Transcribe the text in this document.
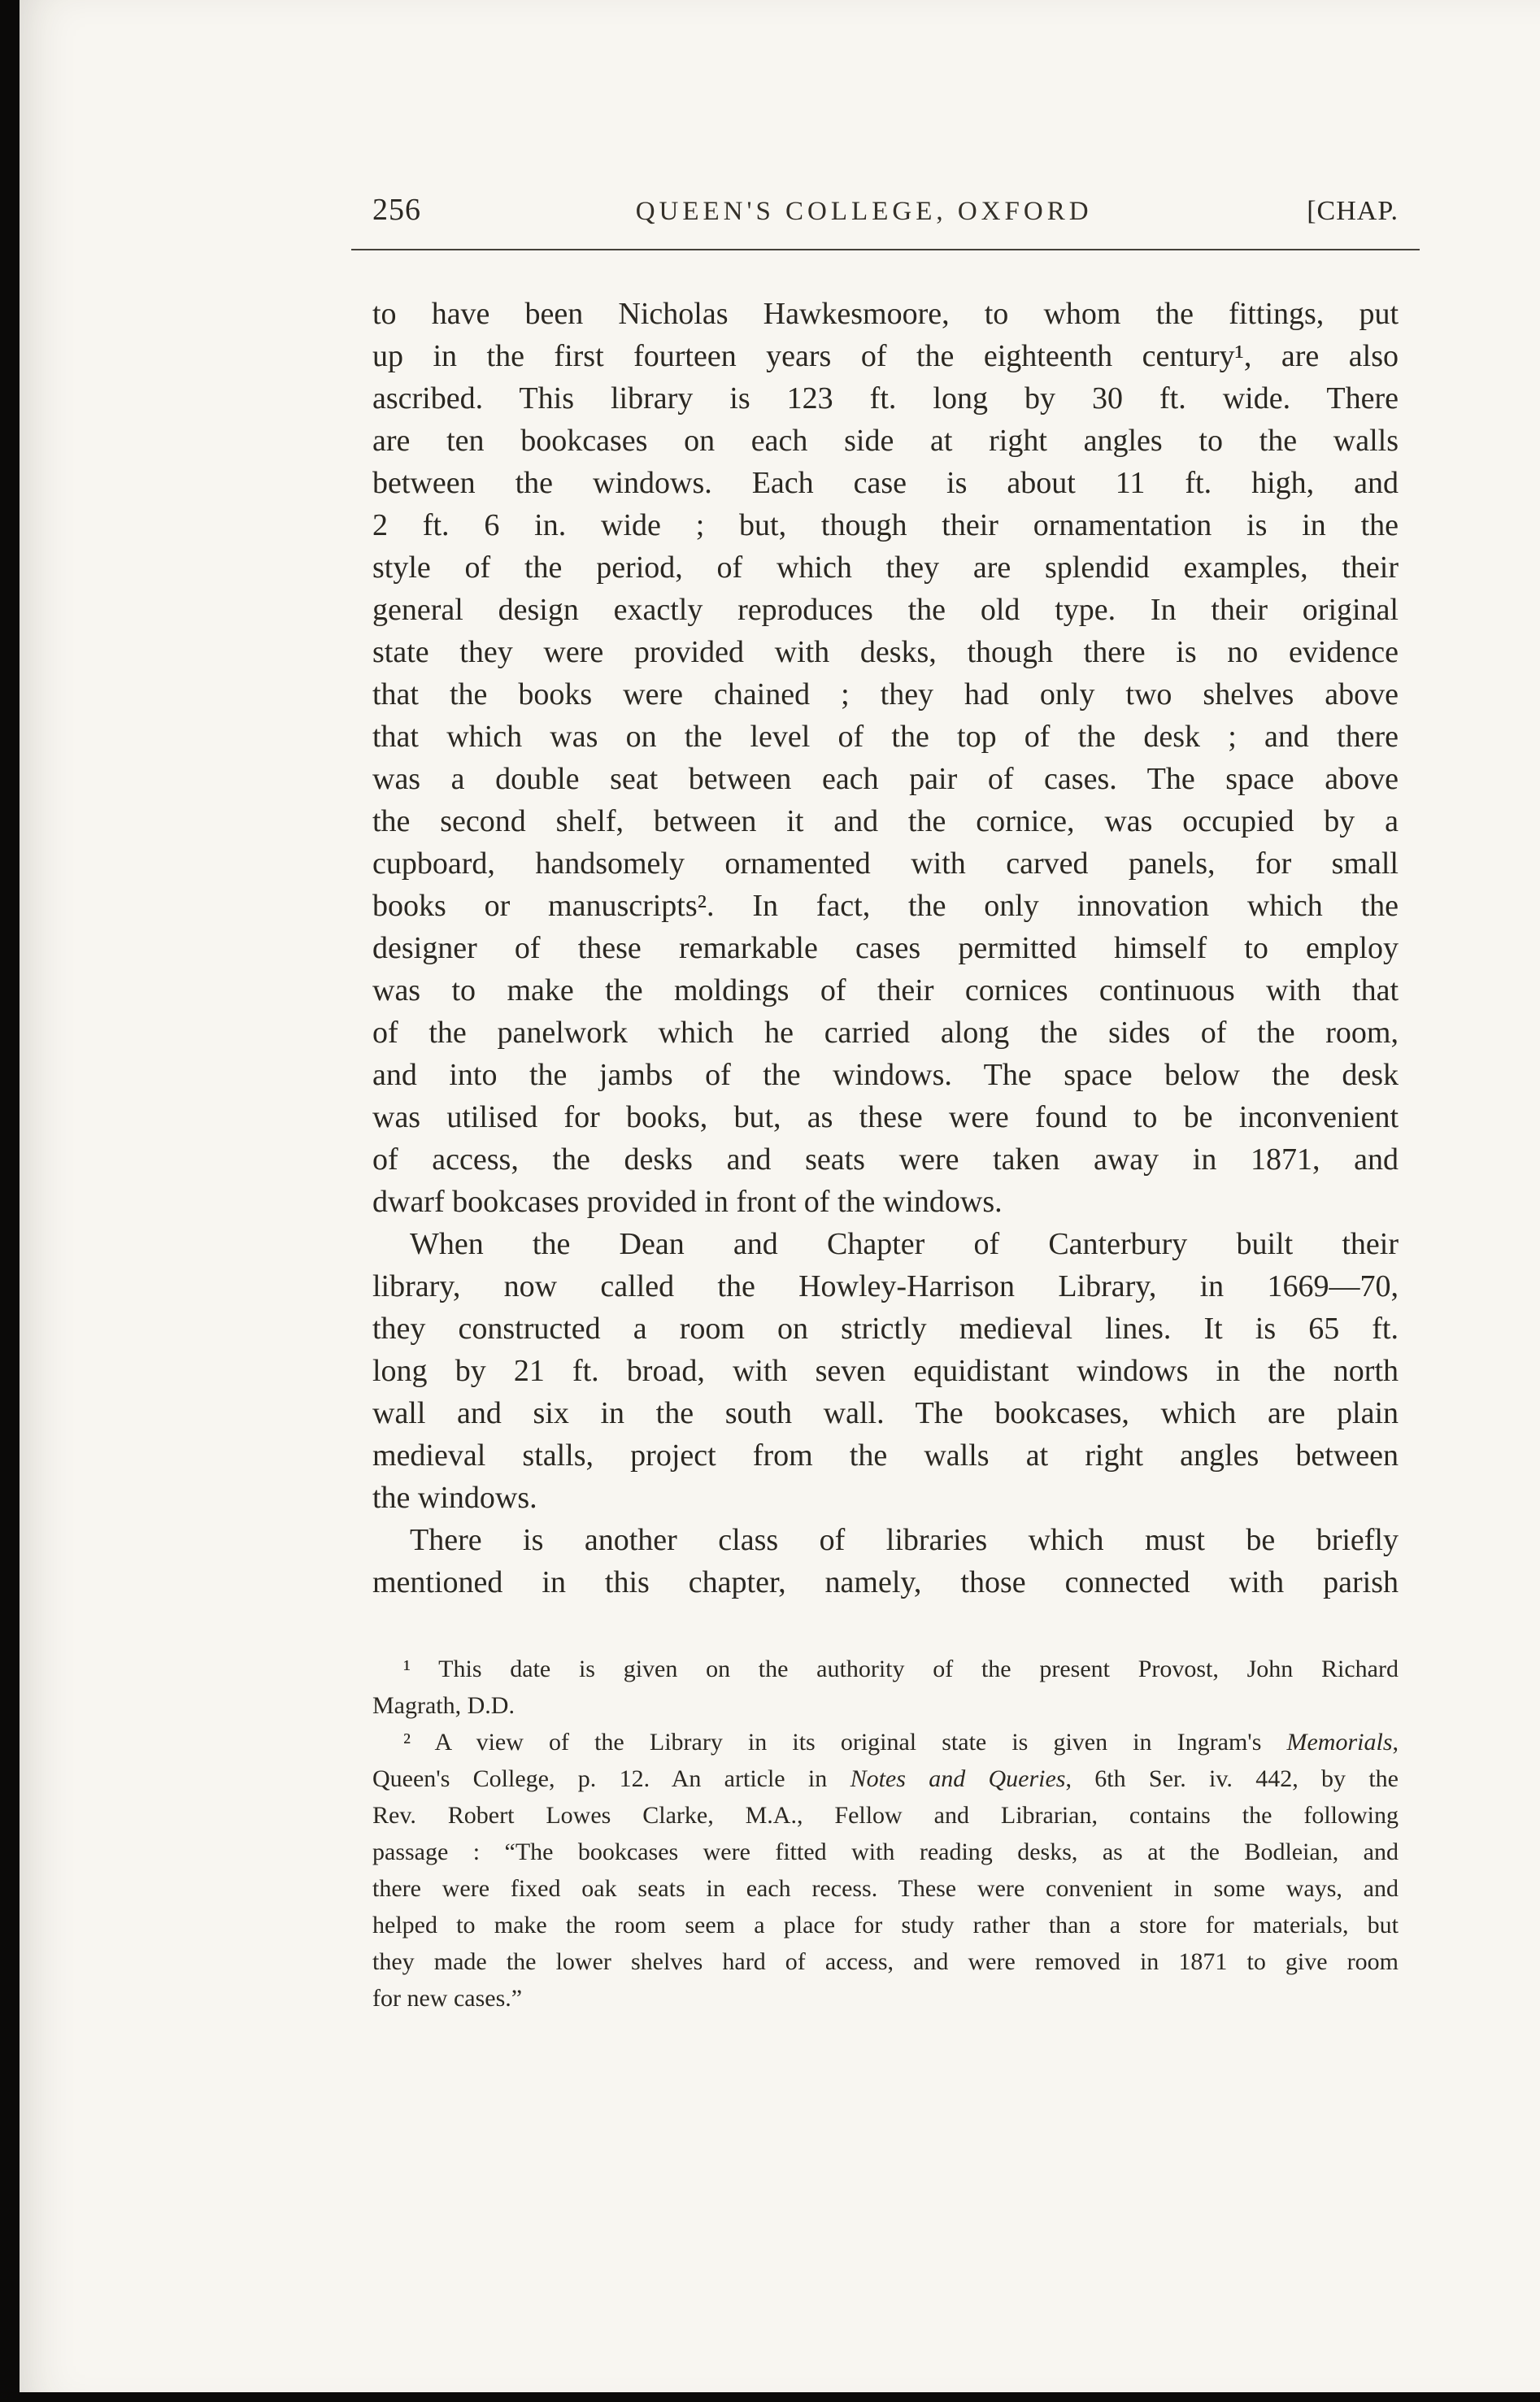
256	QUEEN'S COLLEGE, OXFORD	[CHAP.
to have been Nicholas Hawkesmoore, to whom the fittings, put
up in the first fourteen years of the eighteenth century¹, are also
ascribed. This library is 123 ft. long by 30 ft. wide. There
are ten bookcases on each side at right angles to the walls
between the windows. Each case is about 11 ft. high, and
2 ft. 6 in. wide ; but, though their ornamentation is in the
style of the period, of which they are splendid examples, their
general design exactly reproduces the old type. In their original
state they were provided with desks, though there is no evidence
that the books were chained ; they had only two shelves above
that which was on the level of the top of the desk ; and there
was a double seat between each pair of cases. The space above
the second shelf, between it and the cornice, was occupied by a
cupboard, handsomely ornamented with carved panels, for small
books or manuscripts². In fact, the only innovation which the
designer of these remarkable cases permitted himself to employ
was to make the moldings of their cornices continuous with that
of the panelwork which he carried along the sides of the room,
and into the jambs of the windows. The space below the desk
was utilised for books, but, as these were found to be inconvenient
of access, the desks and seats were taken away in 1871, and
dwarf bookcases provided in front of the windows.
When the Dean and Chapter of Canterbury built their
library, now called the Howley-Harrison Library, in 1669—70,
they constructed a room on strictly medieval lines. It is 65 ft.
long by 21 ft. broad, with seven equidistant windows in the north
wall and six in the south wall. The bookcases, which are plain
medieval stalls, project from the walls at right angles between
the windows.
There is another class of libraries which must be briefly
mentioned in this chapter, namely, those connected with parish
¹ This date is given on the authority of the present Provost, John Richard
Magrath, D.D.
² A view of the Library in its original state is given in Ingram's Memorials,
Queen's College, p. 12. An article in Notes and Queries, 6th Ser. iv. 442, by the
Rev. Robert Lowes Clarke, M.A., Fellow and Librarian, contains the following
passage : “The bookcases were fitted with reading desks, as at the Bodleian, and
there were fixed oak seats in each recess. These were convenient in some ways, and
helped to make the room seem a place for study rather than a store for materials, but
they made the lower shelves hard of access, and were removed in 1871 to give room
for new cases.”
